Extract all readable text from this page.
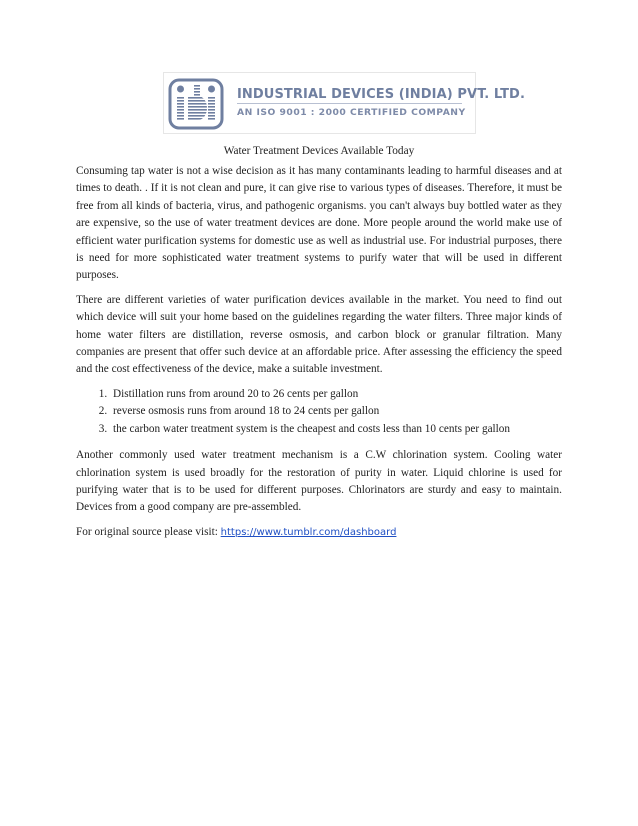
INDUSTRIAL DEVICES (INDIA) PVT. LTD.
AN ISO 9001 : 2000 CERTIFIED COMPANY
Water Treatment Devices Available Today

Consuming tap water is not a wise decision as it has many contaminants leading to harmful diseases and at times to death. . If it is not clean and pure, it can give rise to various types of diseases. Therefore, it must be free from all kinds of bacteria, virus, and pathogenic organisms. you can't always buy bottled water as they are expensive, so the use of water treatment devices are done. More people around the world make use of efficient water purification systems for domestic use as well as industrial use. For industrial purposes, there is need for more sophisticated water treatment systems to purify water that will be used in different purposes.

There are different varieties of water purification devices available in the market. You need to find out which device will suit your home based on the guidelines regarding the water filters. Three major kinds of home water filters are distillation, reverse osmosis, and carbon block or granular filtration. Many companies are present that offer such device at an affordable price. After assessing the efficiency the speed and the cost effectiveness of the device, make a suitable investment.

1. Distillation runs from around 20 to 26 cents per gallon
2. reverse osmosis runs from around 18 to 24 cents per gallon
3. the carbon water treatment system is the cheapest and costs less than 10 cents per gallon

Another commonly used water treatment mechanism is a C.W chlorination system. Cooling water chlorination system is used broadly for the restoration of purity in water. Liquid chlorine is used for purifying water that is to be used for different purposes. Chlorinators are sturdy and easy to maintain. Devices from a good company are pre-assembled.

For original source please visit: https://www.tumblr.com/dashboard
